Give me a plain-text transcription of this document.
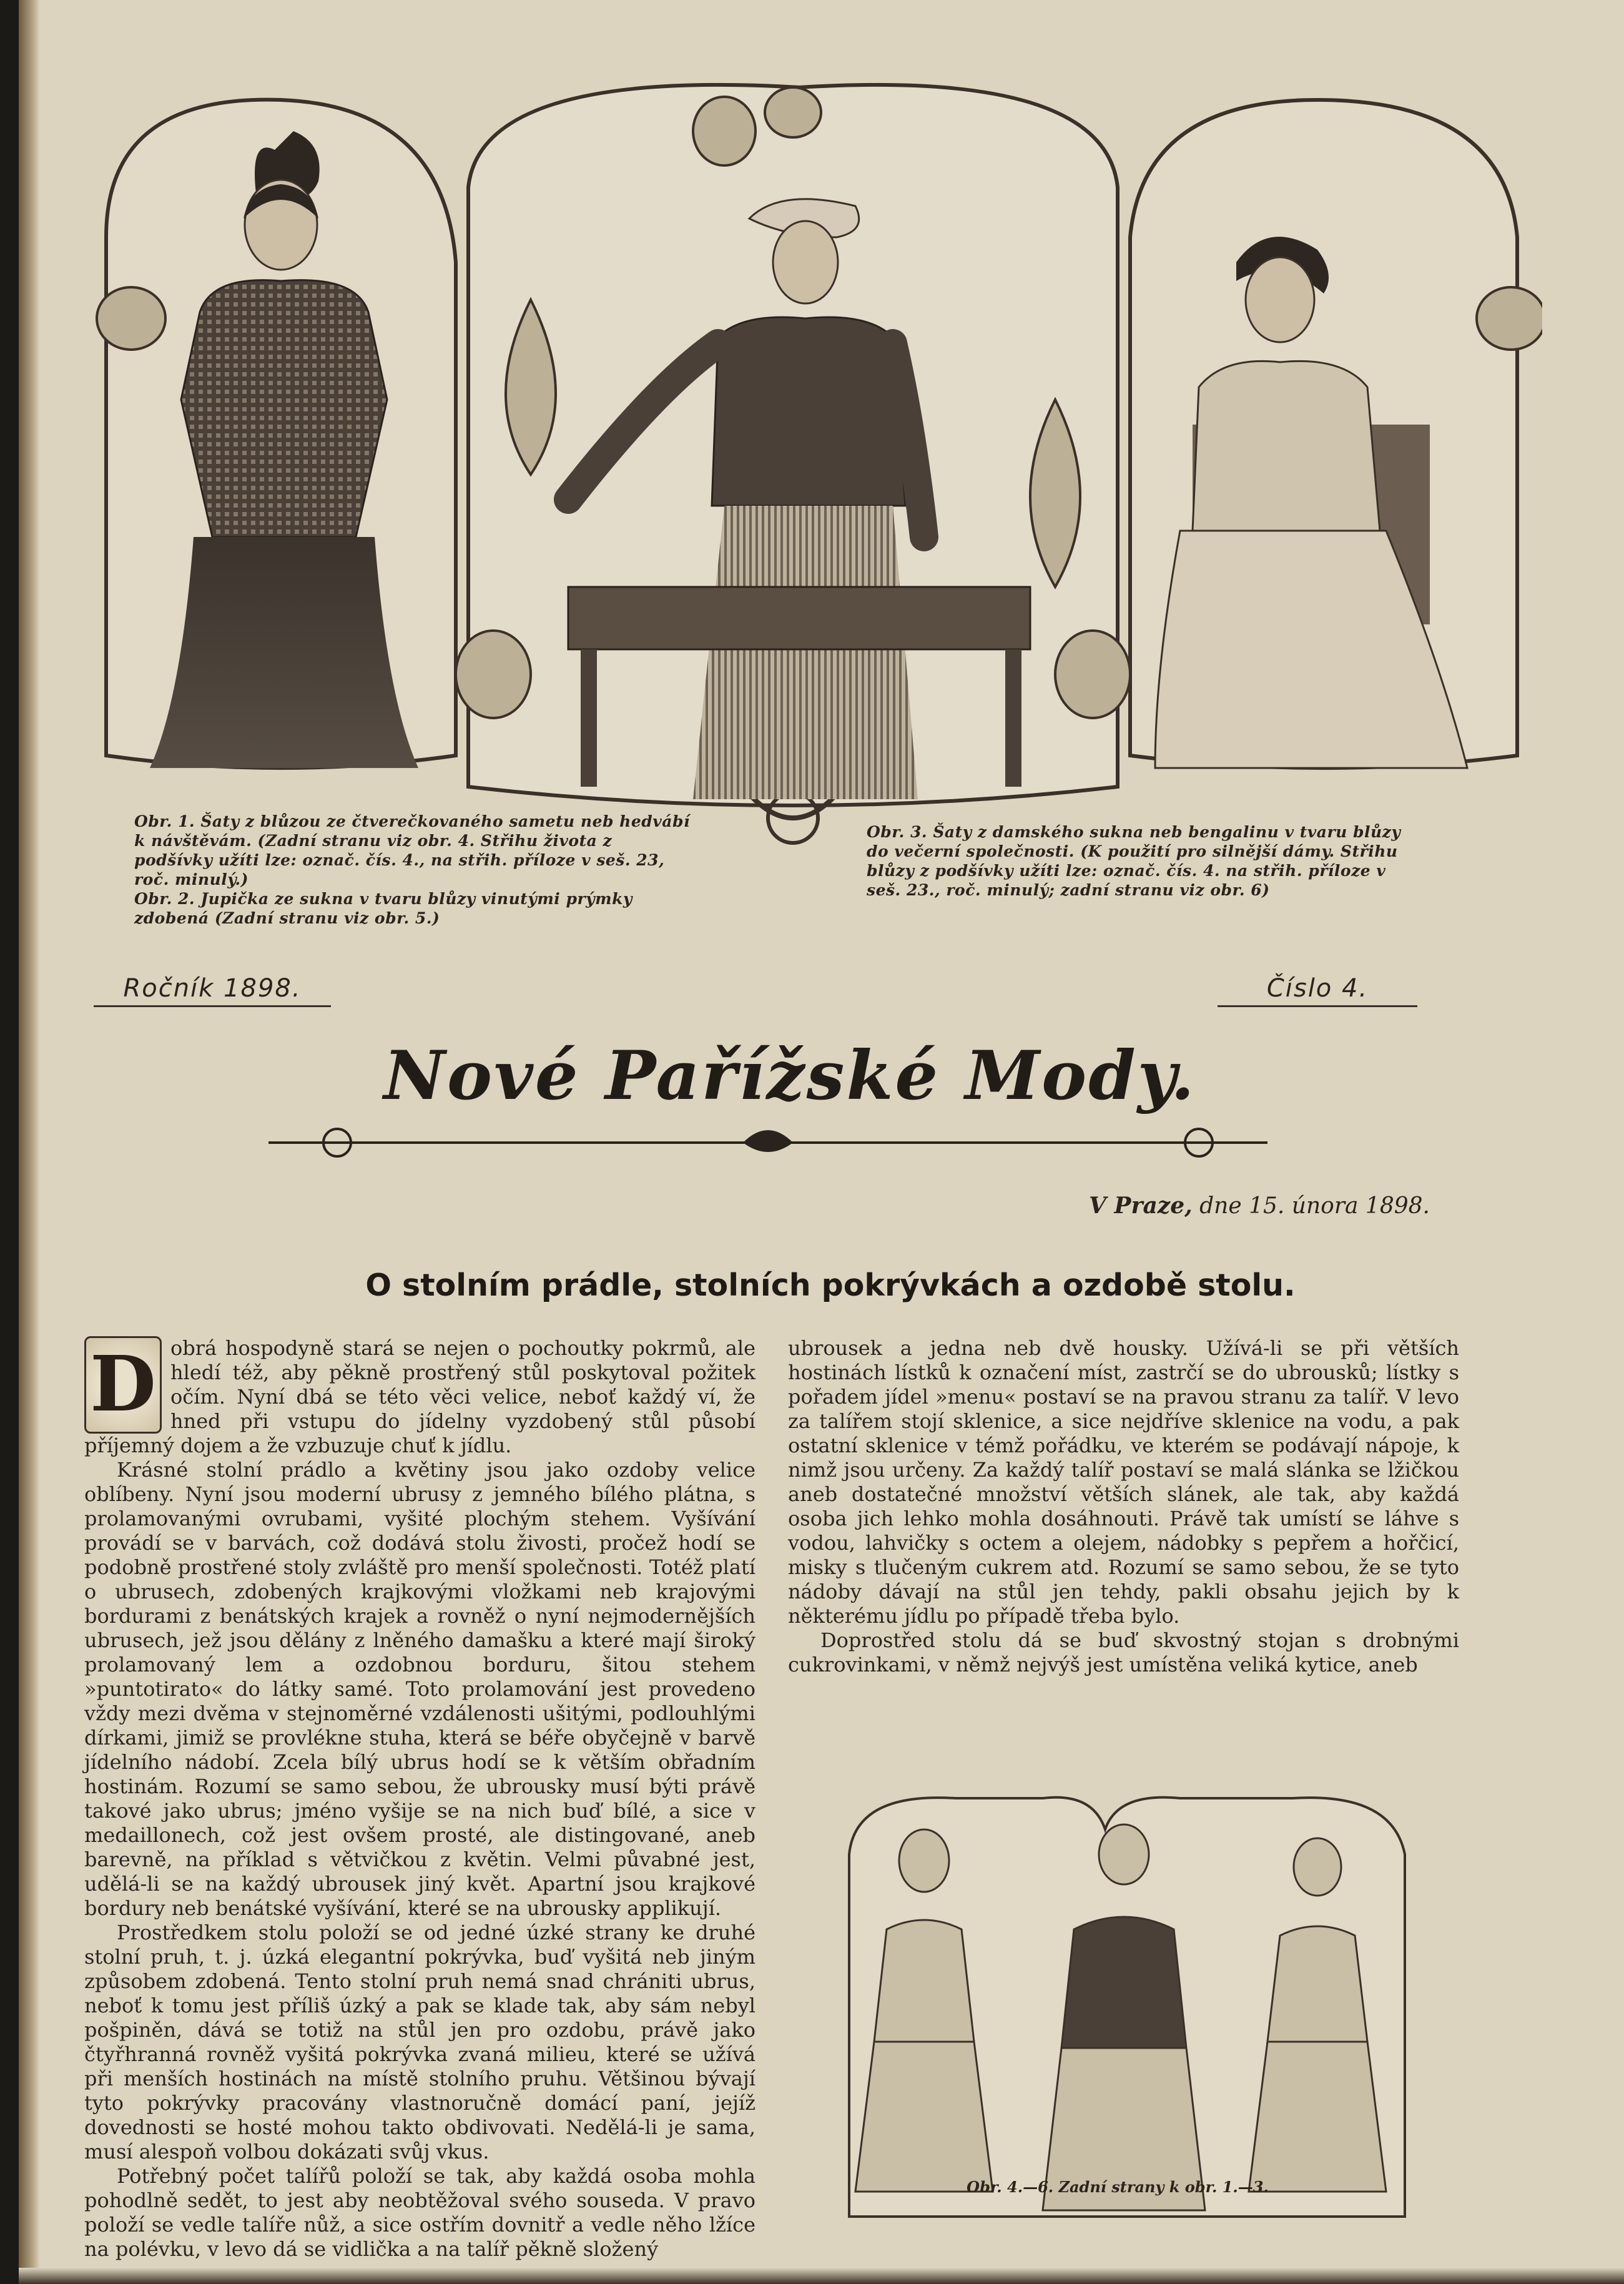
Obr. 1. Šaty z blůzou ze čtverečkovaného sametu neb hedvábí k návštěvám. (Zadní stranu viz obr. 4. Střihu života z podšívky užíti lze: označ. čís. 4., na střih. příloze v seš. 23, roč. minulý.)

Obr. 2. Jupička ze sukna v tvaru blůzy vinutými prýmky zdobená (Zadní stranu viz obr. 5.)

Obr. 3. Šaty z damského sukna neb bengalinu v tvaru blůzy do večerní společnosti. (K použití pro silnější dámy. Střihu blůzy z podšívky užíti lze: označ. čís. 4. na střih. příloze v seš. 23., roč. minulý; zadní stranu viz obr. 6)
Ročník 1898.	Číslo 4.
Nové Pařížské Mody.
V Praze, dne 15. února 1898.
O stolním prádle, stolních pokrývkách a ozdobě stolu.

D obrá hospodyně stará se nejen o pochoutky pokrmů, ale hledí též, aby pěkně prostřený stůl poskytoval požitek očím. Nyní dbá se této věci velice, neboť každý ví, že hned při vstupu do jídelny vyzdobený stůl působí příjemný dojem a že vzbuzuje chuť k jídlu.

Krásné stolní prádlo a květiny jsou jako ozdoby velice oblíbeny. Nyní jsou moderní ubrusy z jemného bílého plátna, s prolamovanými ovrubami, vyšité plochým stehem. Vyšívání provádí se v barvách, což dodává stolu živosti, pročež hodí se podobně prostřené stoly zvláště pro menší společnosti. Totéž platí o ubrusech, zdobených krajkovými vložkami neb krajovými bordurami z benátských krajek a rovněž o nyní nejmodernějších ubrusech, jež jsou dělány z lněného damašku a které mají široký prolamovaný lem a ozdobnou borduru, šitou stehem »puntotirato« do látky samé. Toto prolamování jest provedeno vždy mezi dvěma v stejnoměrné vzdálenosti ušitými, podlouhlými dírkami, jimiž se provlékne stuha, která se béře obyčejně v barvě jídelního nádobí. Zcela bílý ubrus hodí se k větším obřadním hostinám. Rozumí se samo sebou, že ubrousky musí býti právě takové jako ubrus; jméno vyšije se na nich buď bílé, a sice v medaillonech, což jest ovšem prosté, ale distingované, aneb barevně, na příklad s větvičkou z květin. Velmi půvabné jest, udělá-li se na každý ubrousek jiný květ. Apartní jsou krajkové bordury neb benátské vyšívání, které se na ubrousky applikují.

Prostředkem stolu položí se od jedné úzké strany ke druhé stolní pruh, t. j. úzká elegantní pokrývka, buď vyšitá neb jiným způsobem zdobená. Tento stolní pruh nemá snad chrániti ubrus, neboť k tomu jest příliš úzký a pak se klade tak, aby sám nebyl pošpiněn, dává se totiž na stůl jen pro ozdobu, právě jako čtyřhranná rovněž vyšitá pokrývka zvaná milieu, které se užívá při menších hostinách na místě stolního pruhu. Většinou bývají tyto pokrývky pracovány vlastnoručně domácí paní, jejíž dovednosti se hosté mohou takto obdivovati. Nedělá-li je sama, musí alespoň volbou dokázati svůj vkus.

Potřebný počet talířů položí se tak, aby každá osoba mohla pohodlně sedět, to jest aby neobtěžoval svého souseda. V pravo položí se vedle talíře nůž, a sice ostřím dovnitř a vedle něho lžíce na polévku, v levo dá se vidlička a na talíř pěkně složený

ubrousek a jedna neb dvě housky. Užívá-li se při větších hostinách lístků k označení míst, zastrčí se do ubrousků; lístky s pořadem jídel »menu« postaví se na pravou stranu za talíř. V levo za talířem stojí sklenice, a sice nejdříve sklenice na vodu, a pak ostatní sklenice v témž pořádku, ve kterém se podávají nápoje, k nimž jsou určeny. Za každý talíř postaví se malá slánka se lžičkou aneb dostatečné množství větších slánek, ale tak, aby každá osoba jich lehko mohla dosáhnouti. Právě tak umístí se láhve s vodou, lahvičky s octem a olejem, nádobky s pepřem a hořčicí, misky s tlučeným cukrem atd. Rozumí se samo sebou, že se tyto nádoby dávají na stůl jen tehdy, pakli obsahu jejich by k některému jídlu po případě třeba bylo.

Doprostřed stolu dá se buď skvostný stojan s drobnými cukrovinkami, v němž nejvýš jest umístěna veliká kytice, aneb

Obr. 4.—6. Zadní strany k obr. 1.—3.
